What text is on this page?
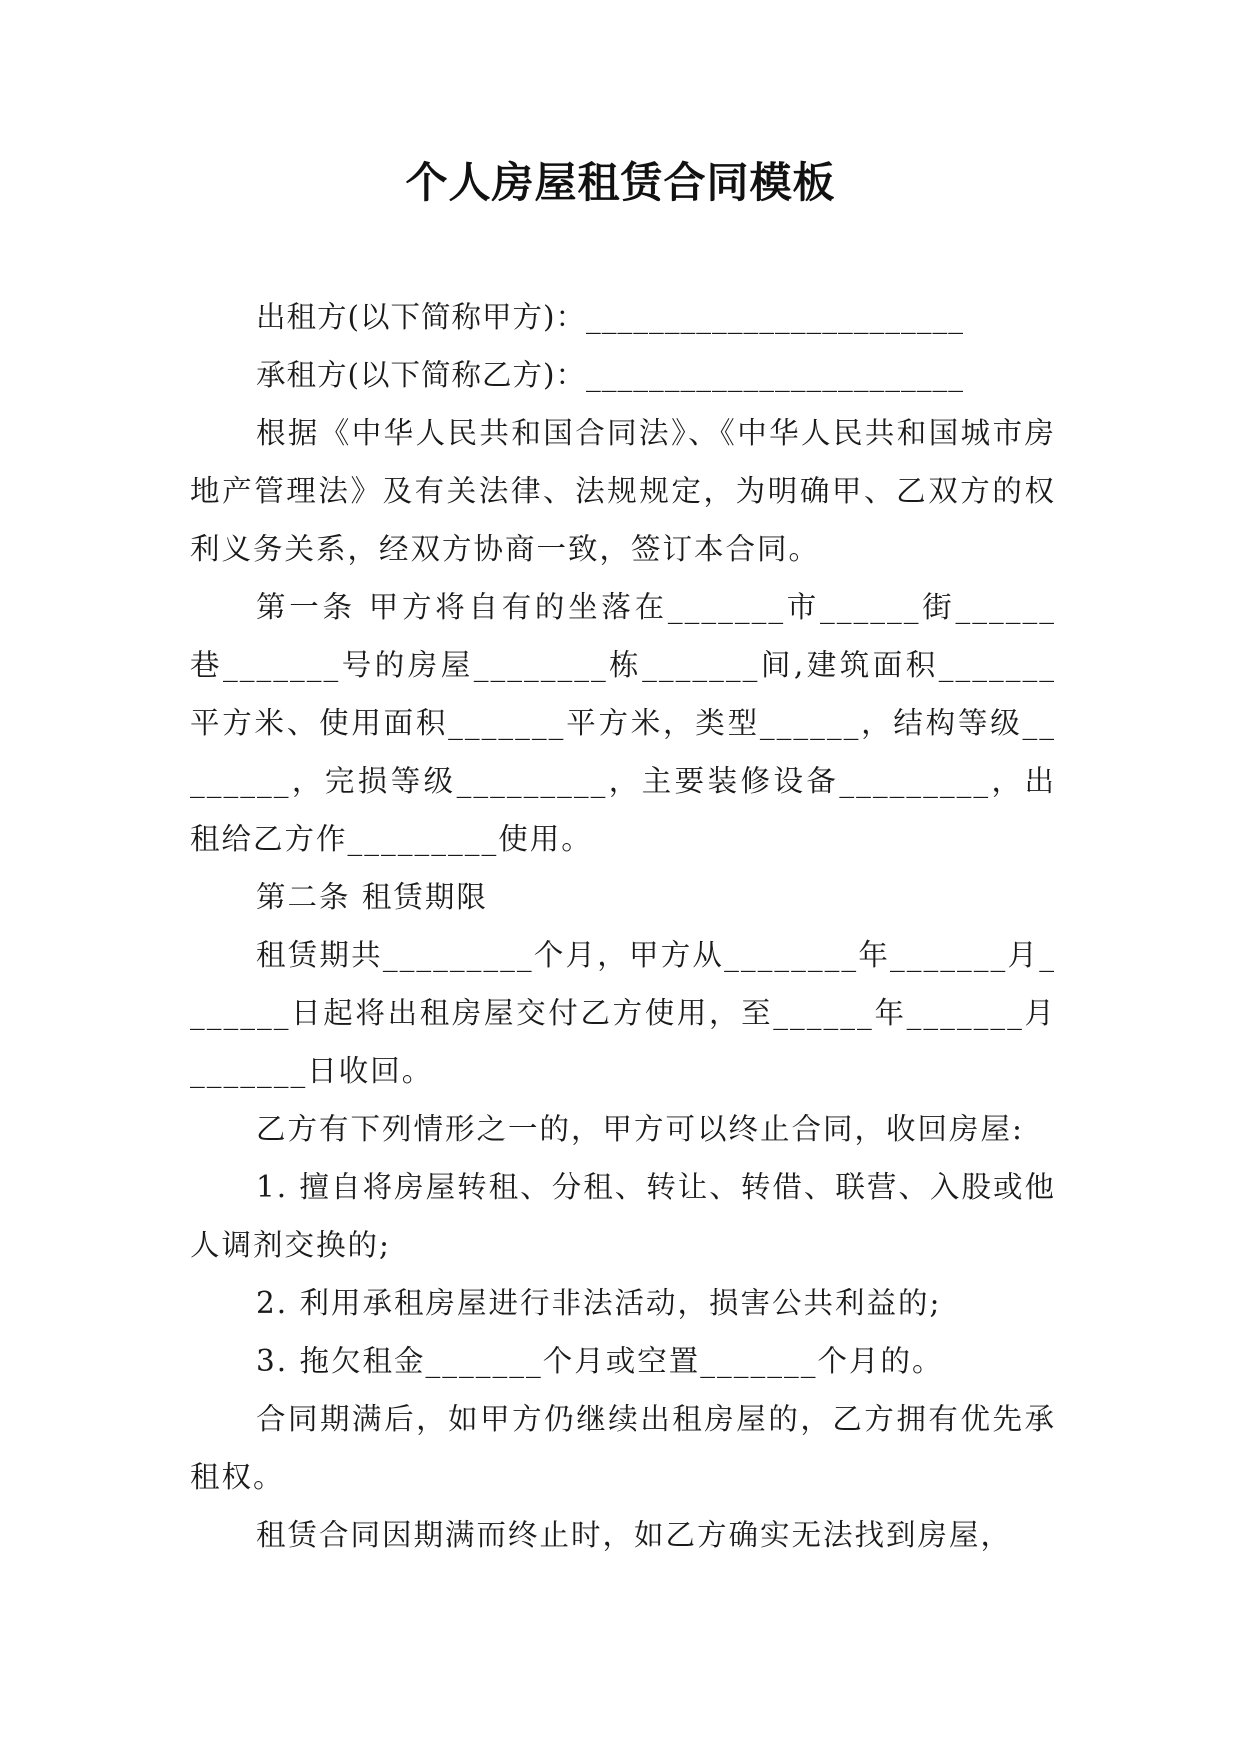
个人房屋租赁合同模板

出租方(以下简称甲方)：________________________

承租方(以下简称乙方)：________________________

根据《中华人民共和国合同法》、《中华人民共和国城市房地产管理法》及有关法律、法规规定，为明确甲、乙双方的权利义务关系，经双方协商一致，签订本合同。

第一条 甲方将自有的坐落在_______市______街______巷_______号的房屋________栋_______间,建筑面积_______平方米、使用面积_______平方米，类型______，结构等级________，完损等级_________，主要装修设备_________，出租给乙方作_________使用。

第二条 租赁期限

租赁期共_________个月，甲方从________年_______月_______日起将出租房屋交付乙方使用，至______年_______月_______日收回。

乙方有下列情形之一的，甲方可以终止合同，收回房屋:

1. 擅自将房屋转租、分租、转让、转借、联营、入股或他人调剂交换的;

2. 利用承租房屋进行非法活动，损害公共利益的;

3. 拖欠租金_______个月或空置_______个月的。

合同期满后，如甲方仍继续出租房屋的，乙方拥有优先承租权。

租赁合同因期满而终止时，如乙方确实无法找到房屋，
